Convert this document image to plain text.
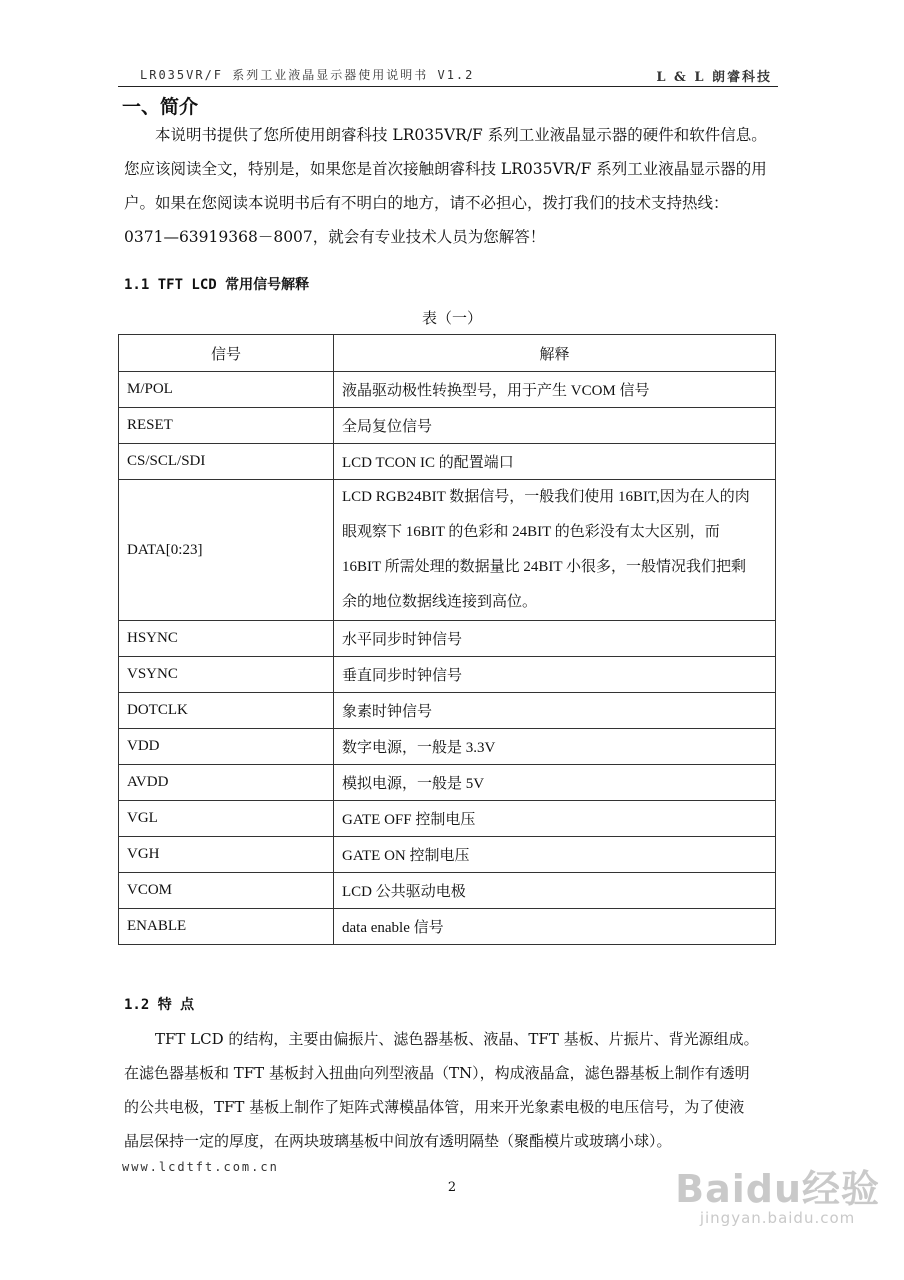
LR035VR/F 系列工业液晶显示器使用说明书 V1.2	L & L 朗睿科技
一、简介

本说明书提供了您所使用朗睿科技 LR035VR/F 系列工业液晶显示器的硬件和软件信息。

您应该阅读全文，特别是，如果您是首次接触朗睿科技 LR035VR/F 系列工业液晶显示器的用

户。如果在您阅读本说明书后有不明白的地方，请不必担心，拨打我们的技术支持热线：

0371—63919368－8007，就会有专业技术人员为您解答！

1.1 TFT LCD 常用信号解释
表（一）
信号	解释
M/POL	液晶驱动极性转换型号，用于产生 VCOM 信号
RESET	全局复位信号
CS/SCL/SDI	LCD TCON IC 的配置端口
DATA[0:23]	LCD RGB24BIT 数据信号，一般我们使用 16BIT,因为在人的肉
眼观察下 16BIT 的色彩和 24BIT 的色彩没有太大区别，而
16BIT 所需处理的数据量比 24BIT 小很多，一般情况我们把剩
余的地位数据线连接到高位。

HSYNC	水平同步时钟信号
VSYNC	垂直同步时钟信号
DOTCLK	象素时钟信号
VDD	数字电源，一般是 3.3V
AVDD	模拟电源，一般是 5V
VGL	GATE OFF 控制电压
VGH	GATE ON 控制电压
VCOM	LCD 公共驱动电极
ENABLE	data enable 信号
1.2 特 点

TFT LCD 的结构，主要由偏振片、滤色器基板、液晶、TFT 基板、片振片、背光源组成。

在滤色器基板和 TFT 基板封入扭曲向列型液晶（TN），构成液晶盒，滤色器基板上制作有透明

的公共电极，TFT 基板上制作了矩阵式薄模晶体管，用来开光象素电极的电压信号，为了使液

晶层保持一定的厚度，在两块玻璃基板中间放有透明隔垫（聚酯模片或玻璃小球）。

www.lcdtft.com.cn
2	Baidu经验
jingyan.baidu.com
